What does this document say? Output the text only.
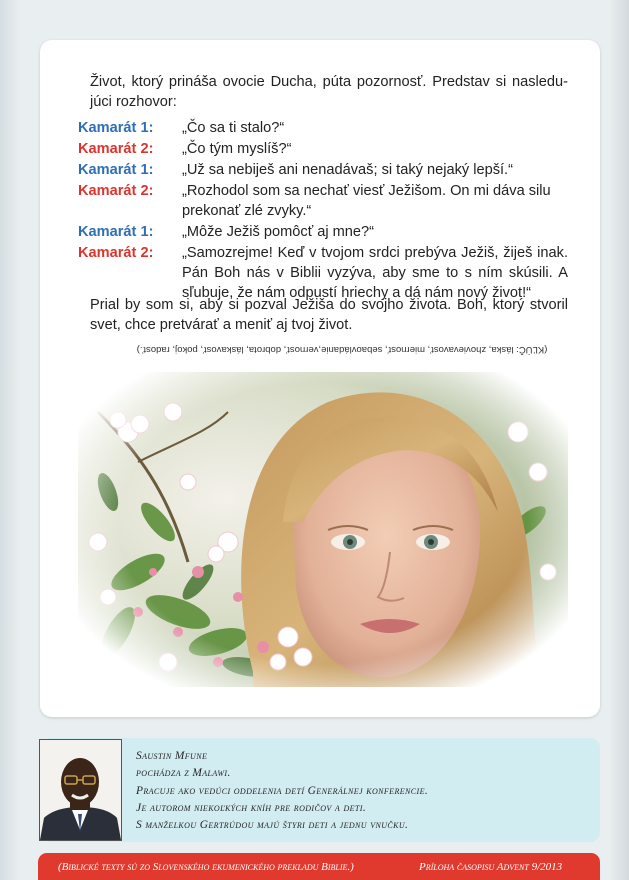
Život, ktorý prináša ovocie Ducha, púta pozornosť. Predstav si nasledujúci rozhovor:

Kamarát 1:	„Čo sa ti stalo?“
Kamarát 2:	„Čo tým myslíš?“
Kamarát 1:	„Už sa nebiješ ani nenadávaš; si taký nejaký lepší.“
Kamarát 2:	„Rozhodol som sa nechať viesť Ježišom. On mi dáva silu prekonať zlé zvyky.“
Kamarát 1:	„Môže Ježiš pomôcť aj mne?“
Kamarát 2:	„Samozrejme! Keď v tvojom srdci prebýva Ježiš, žiješ inak. Pán Boh nás v Biblii vyzýva, aby sme to s ním skúsili. A sľubuje, že nám odpustí hriechy a dá nám nový život!“

Prial by som si, aby si pozval Ježiša do svojho života. Boh, ktorý stvoril svet, chce pretvárať a meniť aj tvoj život.

(KĽÚČ: láska, zhovievavosť, miernosť, sebaovládanie,vernosť, dobrota, láskavosť, pokoj, radosť.)
Saustin Mfune
pochádza z Malawi.
Pracuje ako vedúci oddelenia detí Generálnej konferencie.
Je autorom niekoľkých kníh pre rodičov a deti.
S manželkou Gertrúdou majú štyri deti a jednu vnučku.
(Biblické texty sú zo Slovenského ekumenického prekladu Biblie.)	Príloha časopisu Advent 9/2013
